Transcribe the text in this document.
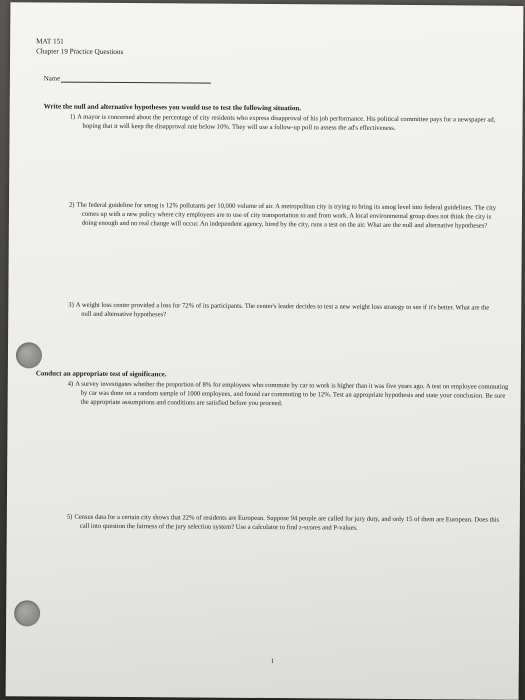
MAT 151
Chapter 19 Practice Questions
Name
Write the null and alternative hypotheses you would use to test the following situation.
1) A mayor is concerned about the percentage of city residents who express disapproval of his job performance. His political committee pays for a newspaper ad, hoping that it will keep the disapproval rate below 10%. They will use a follow-up poll to assess the ad's effectiveness.
2) The federal guideline for smog is 12% pollutants per 10,000 volume of air. A metropolitan city is trying to bring its smog level into federal guidelines. The city comes up with a new policy where city employees are to use of city transportation to and from work. A local environmental group does not think the city is doing enough and no real change will occur. An independent agency, hired by the city, runs a test on the air. What are the null and alternative hypotheses?
3) A weight loss center provided a loss for 72% of its participants. The center's leader decides to test a new weight loss strategy to see if it's better. What are the null and alternative hypotheses?
Conduct an appropriate test of significance.
4) A survey investigates whether the proportion of 8% for employees who commute by car to work is higher than it was five years ago. A test on employee commuting by car was done on a random sample of 1000 employees, and found car commuting to be 12%. Test an appropriate hypothesis and state your conclusion. Be sure the appropriate assumptions and conditions are satisfied before you proceed.
5) Census data for a certain city shows that 22% of residents are European. Suppose 94 people are called for jury duty, and only 15 of them are European. Does this call into question the fairness of the jury selection system? Use a calculator to find z-scores and P-values.
1
